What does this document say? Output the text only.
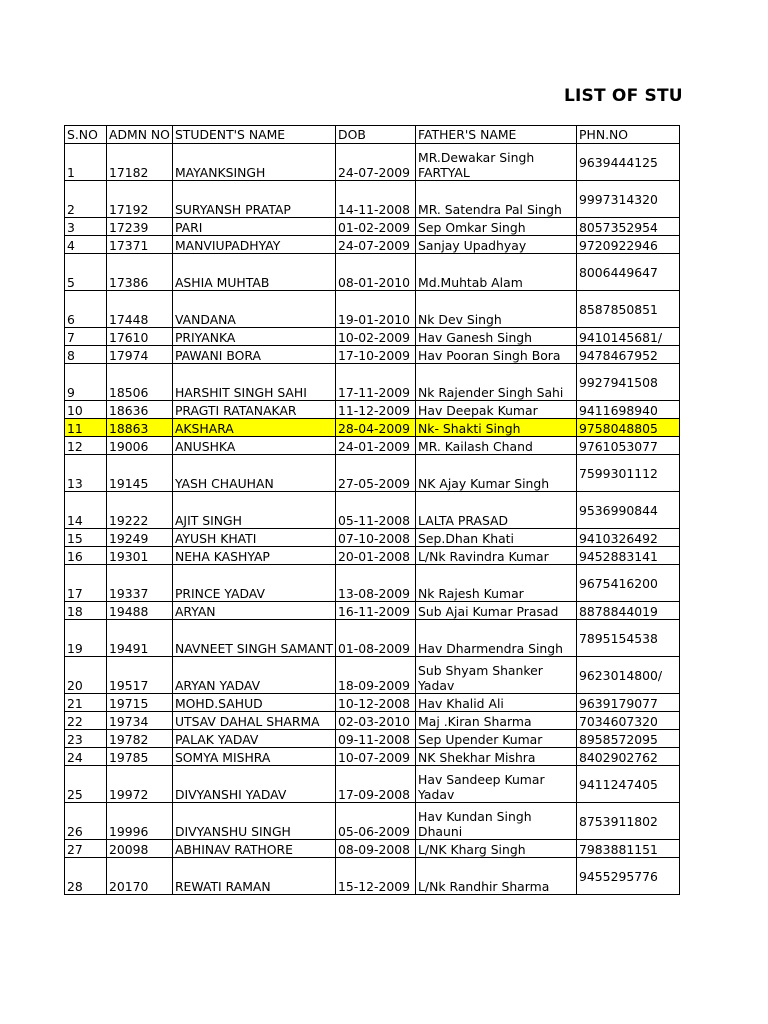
LIST OF STU
S.NO	ADMN NO	STUDENT'S NAME	DOB	FATHER'S NAME	PHN.NO
1	17182	MAYANKSINGH	24-07-2009	MR.Dewakar Singh FARTYAL	9639444125
2	17192	SURYANSH PRATAP	14-11-2008	MR. Satendra Pal Singh	9997314320
3	17239	PARI	01-02-2009	Sep Omkar Singh	8057352954
4	17371	MANVIUPADHYAY	24-07-2009	Sanjay Upadhyay	9720922946
5	17386	ASHIA MUHTAB	08-01-2010	Md.Muhtab Alam	8006449647
6	17448	VANDANA	19-01-2010	Nk Dev Singh	8587850851
7	17610	PRIYANKA	10-02-2009	Hav Ganesh Singh	9410145681/
8	17974	PAWANI BORA	17-10-2009	Hav Pooran Singh Bora	9478467952
9	18506	HARSHIT SINGH SAHI	17-11-2009	Nk Rajender Singh Sahi	9927941508
10	18636	PRAGTI RATANAKAR	11-12-2009	Hav Deepak Kumar	9411698940
11	18863	AKSHARA	28-04-2009	Nk- Shakti Singh	9758048805
12	19006	ANUSHKA	24-01-2009	MR. Kailash Chand	9761053077
13	19145	YASH CHAUHAN	27-05-2009	NK Ajay Kumar Singh	7599301112
14	19222	AJIT SINGH	05-11-2008	LALTA PRASAD	9536990844
15	19249	AYUSH KHATI	07-10-2008	Sep.Dhan Khati	9410326492
16	19301	NEHA KASHYAP	20-01-2008	L/Nk Ravindra Kumar	9452883141
17	19337	PRINCE YADAV	13-08-2009	Nk Rajesh Kumar	9675416200
18	19488	ARYAN	16-11-2009	Sub Ajai Kumar Prasad	8878844019
19	19491	NAVNEET SINGH SAMANT	01-08-2009	Hav Dharmendra Singh	7895154538
20	19517	ARYAN YADAV	18-09-2009	Sub Shyam Shanker Yadav	9623014800/
21	19715	MOHD.SAHUD	10-12-2008	Hav Khalid Ali	9639179077
22	19734	UTSAV DAHAL SHARMA	02-03-2010	Maj .Kiran Sharma	7034607320
23	19782	PALAK YADAV	09-11-2008	Sep Upender Kumar	8958572095
24	19785	SOMYA MISHRA	10-07-2009	NK Shekhar Mishra	8402902762
25	19972	DIVYANSHI YADAV	17-09-2008	Hav Sandeep Kumar Yadav	9411247405
26	19996	DIVYANSHU SINGH	05-06-2009	Hav Kundan Singh Dhauni	8753911802
27	20098	ABHINAV RATHORE	08-09-2008	L/NK Kharg Singh	7983881151
28	20170	REWATI RAMAN	15-12-2009	L/Nk Randhir Sharma	9455295776
